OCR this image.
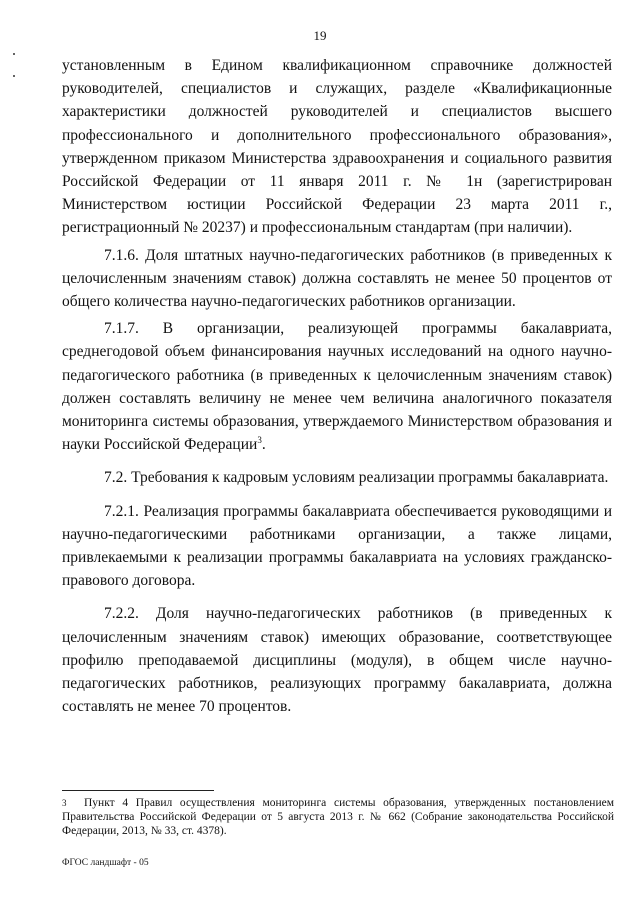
19

установленным в Едином квалификационном справочнике должностей руководителей, специалистов и служащих, разделе «Квалификационные характеристики должностей руководителей и специалистов высшего профессионального и дополнительного профессионального образования», утвержденном приказом Министерства здравоохранения и социального развития Российской Федерации от 11 января 2011 г. № 1н (зарегистрирован Министерством юстиции Российской Федерации 23 марта 2011 г., регистрационный № 20237) и профессиональным стандартам (при наличии).

7.1.6. Доля штатных научно-педагогических работников (в приведенных к целочисленным значениям ставок) должна составлять не менее 50 процентов от общего количества научно-педагогических работников организации.

7.1.7. В организации, реализующей программы бакалавриата, среднегодовой объем финансирования научных исследований на одного научно-педагогического работника (в приведенных к целочисленным значениям ставок) должен составлять величину не менее чем величина аналогичного показателя мониторинга системы образования, утверждаемого Министерством образования и науки Российской Федерации$^3$.

7.2. Требования к кадровым условиям реализации программы бакалавриата.

7.2.1. Реализация программы бакалавриата обеспечивается руководящими и научно-педагогическими работниками организации, а также лицами, привлекаемыми к реализации программы бакалавриата на условиях гражданско-правового договора.

7.2.2. Доля научно-педагогических работников (в приведенных к целочисленным значениям ставок) имеющих образование, соответствующее профилю преподаваемой дисциплины (модуля), в общем числе научно-педагогических работников, реализующих программу бакалавриата, должна составлять не менее 70 процентов.

3 Пункт 4 Правил осуществления мониторинга системы образования, утвержденных постановлением Правительства Российской Федерации от 5 августа 2013 г. № 662 (Собрание законодательства Российской Федерации, 2013, № 33, ст. 4378).
ФГОС ландшафт - 05
